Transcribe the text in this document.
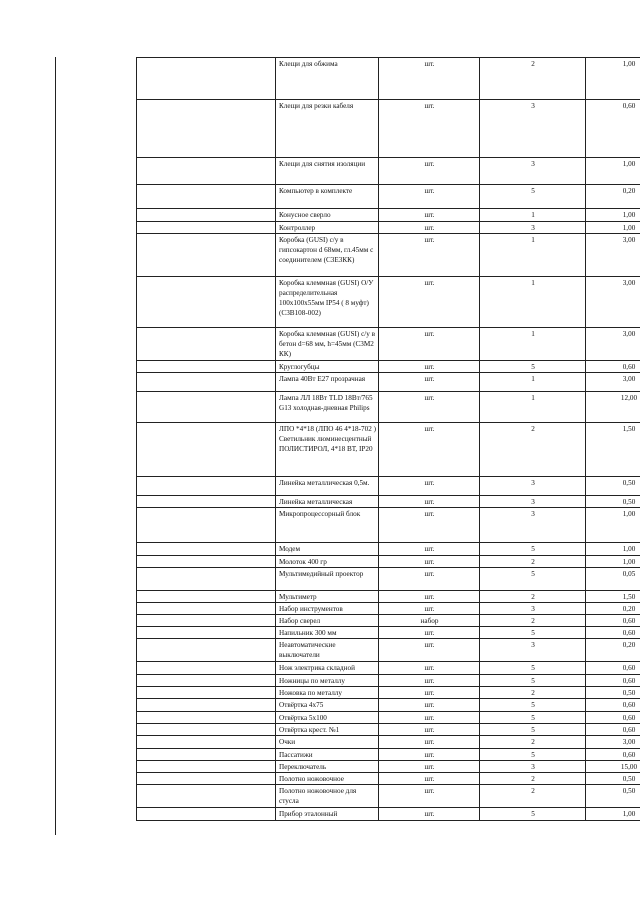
	Клещи для обжима	шт.	2	1,00
	Клещи для резки кабеля	шт.	3	0,60
	Клещи для снятия изоляции	шт.	3	1,00
	Компьютер в комплекте	шт.	5	0,20
	Конусное сверло	шт.	1	1,00
	Контроллер	шт.	3	1,00
	Коробка (GUSI) с/у в гипсокартон d 68мм, гл.45мм с соединителем (С3Е3КК)	шт.	1	3,00
	Коробка клеммная (GUSI) О/У распределительная 100х100х55мм IP54 ( 8 муфт) (С3В108-002)	шт.	1	3,00
	Коробка клеммная (GUSI) с/у в бетон d=68 мм, h=45мм (С3М2 КК)	шт.	1	3,00
	Круглогубцы	шт.	5	0,60
	Лампа 40Вт Е27 прозрачная	шт.	1	3,00
	Лампа ЛЛ 18Вт TLD 18Вт/765 G13 холодная-дневная Philips	шт.	1	12,00
	ЛПО *4*18 (ЛПО 46 4*18-702 ) Светильник люминесцентный ПОЛИСТИРОЛ, 4*18 ВТ, IP20	шт.	2	1,50
	Линейка металлическая 0,5м.	шт.	3	0,50
	Линейка металлическая	шт.	3	0,50
	Микропроцессорный блок	шт.	3	1,00
	Модем	шт.	5	1,00
	Молоток 400 гр	шт.	2	1,00
	Мультимедийный проектор	шт.	5	0,05
	Мультиметр	шт.	2	1,50
	Набор инструментов	шт.	3	0,20
	Набор сверел	набор	2	0,60
	Напильник 300 мм	шт.	5	0,60
	Неавтоматические выключатели	шт.	3	0,20
	Нож электрика складной	шт.	5	0,60
	Ножницы по металлу	шт.	5	0,60
	Ножовка по металлу	шт.	2	0,50
	Отвёртка 4х75	шт.	5	0,60
	Отвёртка 5х100	шт.	5	0,60
	Отвёртка крест. №1	шт.	5	0,60
	Очки	шт.	2	3,00
	Пассатижи	шт.	5	0,60
	Переключатель	шт.	3	15,00
	Полотно ножовочное	шт.	2	0,50
	Полотно ножовочное для стусла	шт.	2	0,50
	Прибор эталонный	шт.	5	1,00
